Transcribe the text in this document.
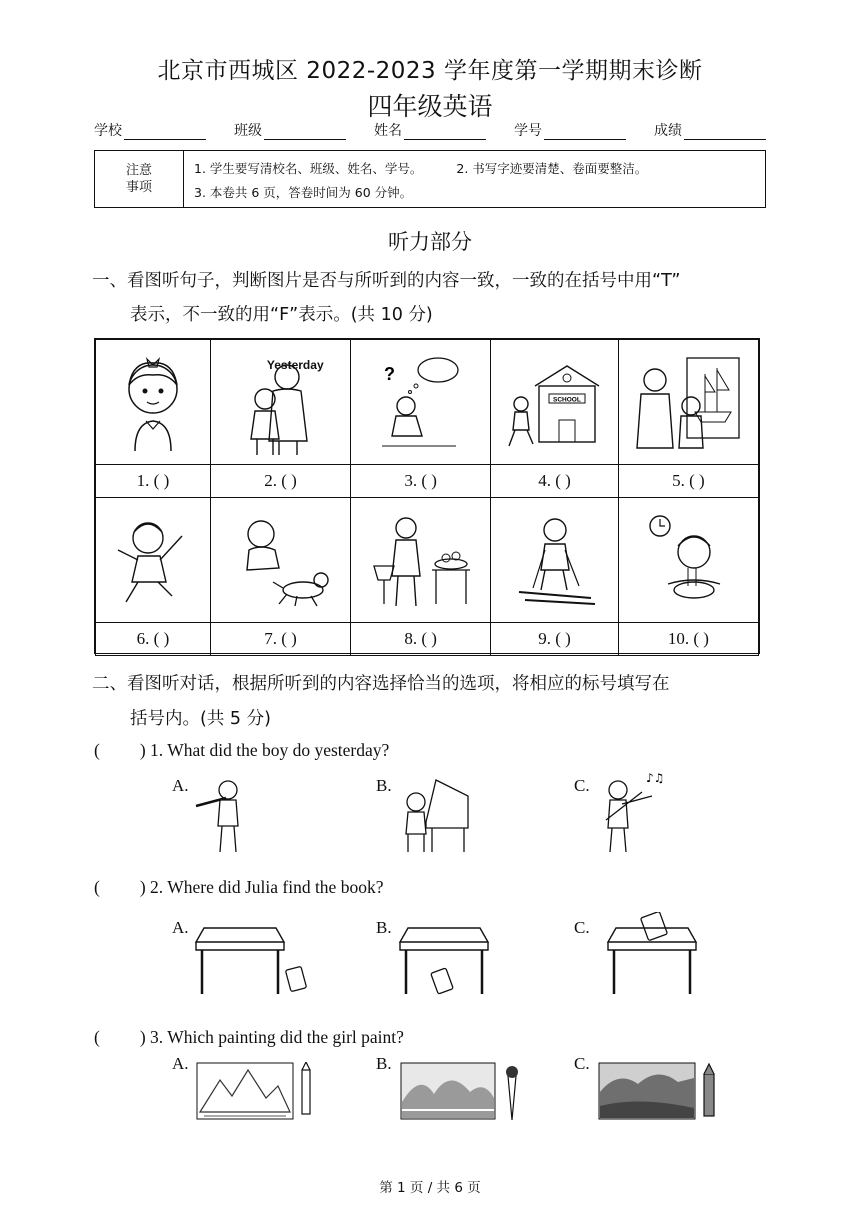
北京市西城区 2022-2023 学年度第一学期期末诊断
四年级英语
学校	班级	姓名	学号	成绩
注意
事项
1. 学生要写清校名、班级、姓名、学号。	2. 书写字迹要清楚、卷面要整洁。
3. 本卷共 6 页，答卷时间为 60 分钟。
听力部分
一、看图听句子，判断图片是否与所听到的内容一致，一致的在括号中用“T”
表示，不一致的用“F”表示。(共 10 分)

Yesterday	?	SCHOOL

1. ( )	2. ( )	3. ( )	4. ( )	5. ( )

6. ( )	7. ( )	8. ( )	9. ( )	10. ( )
二、看图听对话，根据所听到的内容选择恰当的选项，将相应的标号填写在
括号内。(共 5 分)
( ) 1. What did the boy do yesterday?
A.	B.	C.	♪♫
( ) 2. Where did Julia find the book?
A.	B.	C.
( ) 3. Which painting did the girl paint?
A.	B.	C.
第 1 页 / 共 6 页
